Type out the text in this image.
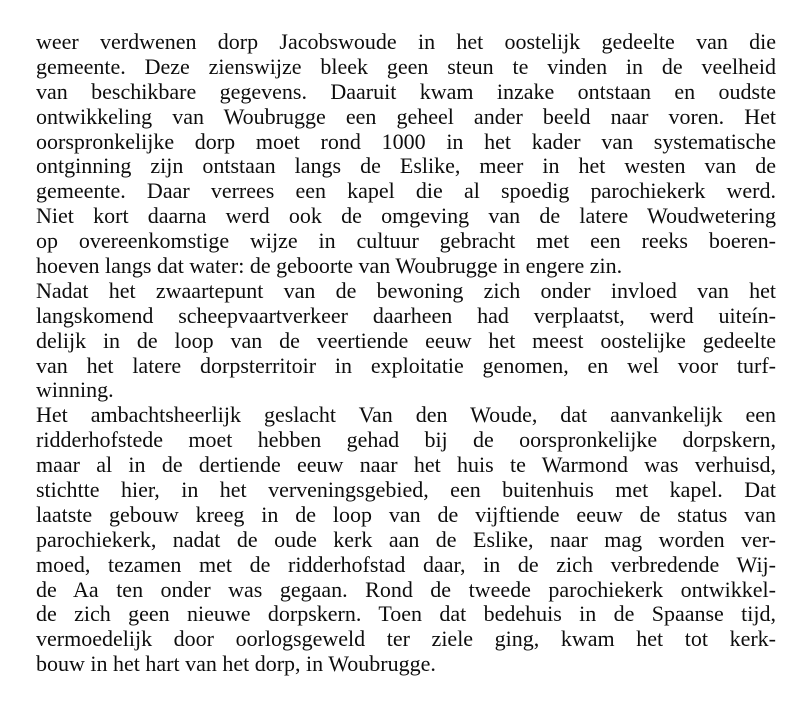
weer verdwenen dorp Jacobswoude in het oostelijk gedeelte van die
gemeente. Deze zienswijze bleek geen steun te vinden in de veelheid
van beschikbare gegevens. Daaruit kwam inzake ontstaan en oudste
ontwikkeling van Woubrugge een geheel ander beeld naar voren. Het
oorspronkelijke dorp moet rond 1000 in het kader van systematische
ontginning zijn ontstaan langs de Eslike, meer in het westen van de
gemeente. Daar verrees een kapel die al spoedig parochiekerk werd.
Niet kort daarna werd ook de omgeving van de latere Woudwetering
op overeenkomstige wijze in cultuur gebracht met een reeks boeren-
hoeven langs dat water: de geboorte van Woubrugge in engere zin.
Nadat het zwaartepunt van de bewoning zich onder invloed van het
langskomend scheepvaartverkeer daarheen had verplaatst, werd uiteín-
delijk in de loop van de veertiende eeuw het meest oostelijke gedeelte
van het latere dorpsterritoir in exploitatie genomen, en wel voor turf-
winning.
Het ambachtsheerlijk geslacht Van den Woude, dat aanvankelijk een
ridderhofstede moet hebben gehad bij de oorspronkelijke dorpskern,
maar al in de dertiende eeuw naar het huis te Warmond was verhuisd,
stichtte hier, in het verveningsgebied, een buitenhuis met kapel. Dat
laatste gebouw kreeg in de loop van de vijftiende eeuw de status van
parochiekerk, nadat de oude kerk aan de Eslike, naar mag worden ver-
moed, tezamen met de ridderhofstad daar, in de zich verbredende Wij-
de Aa ten onder was gegaan. Rond de tweede parochiekerk ontwikkel-
de zich geen nieuwe dorpskern. Toen dat bedehuis in de Spaanse tijd,
vermoedelijk door oorlogsgeweld ter ziele ging, kwam het tot kerk-
bouw in het hart van het dorp, in Woubrugge.
